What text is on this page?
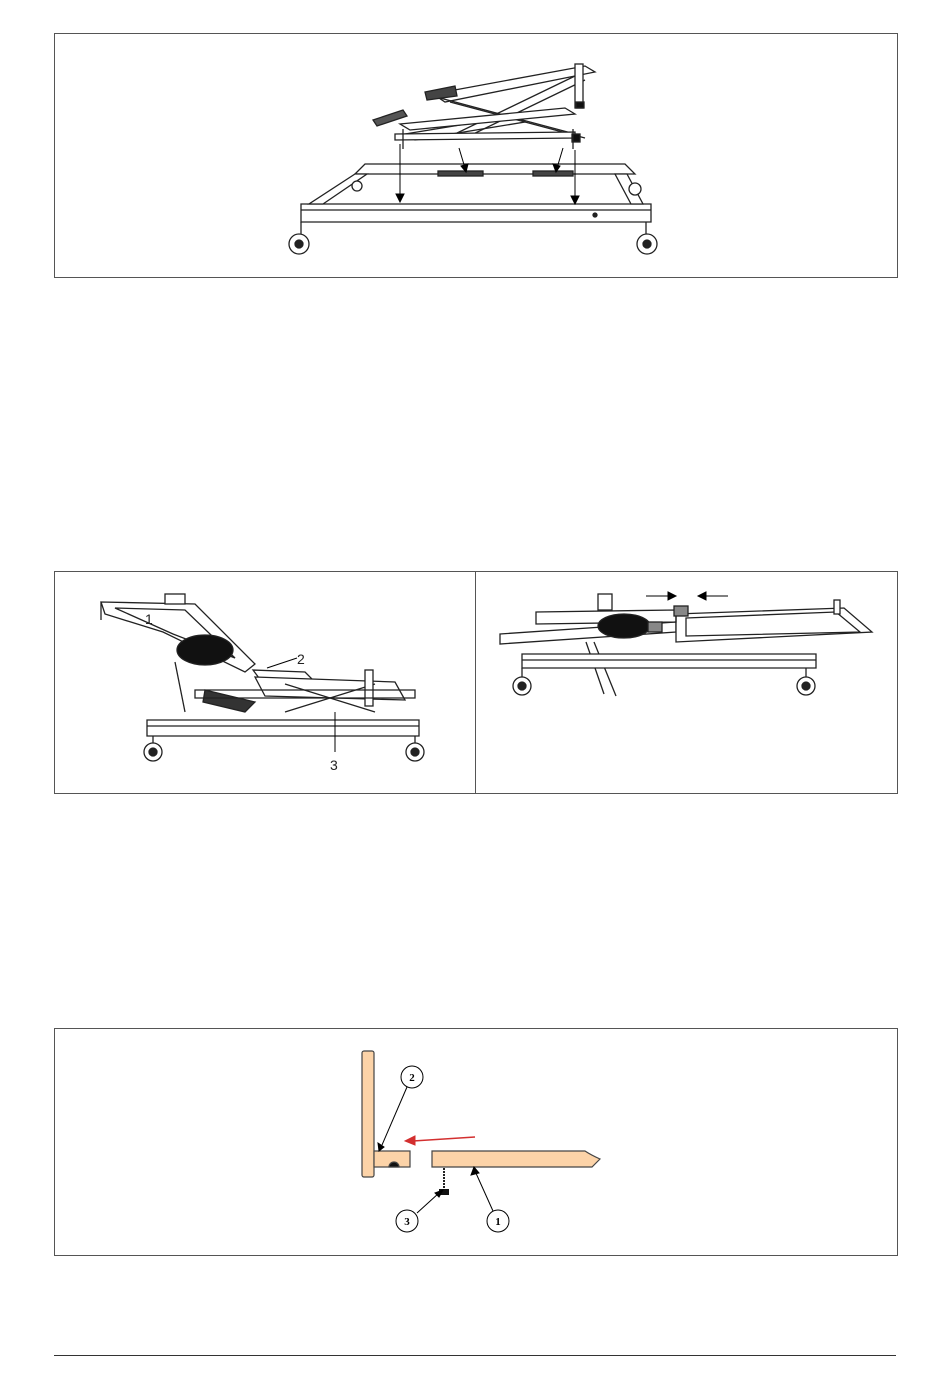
1
2
3
2
3	1
